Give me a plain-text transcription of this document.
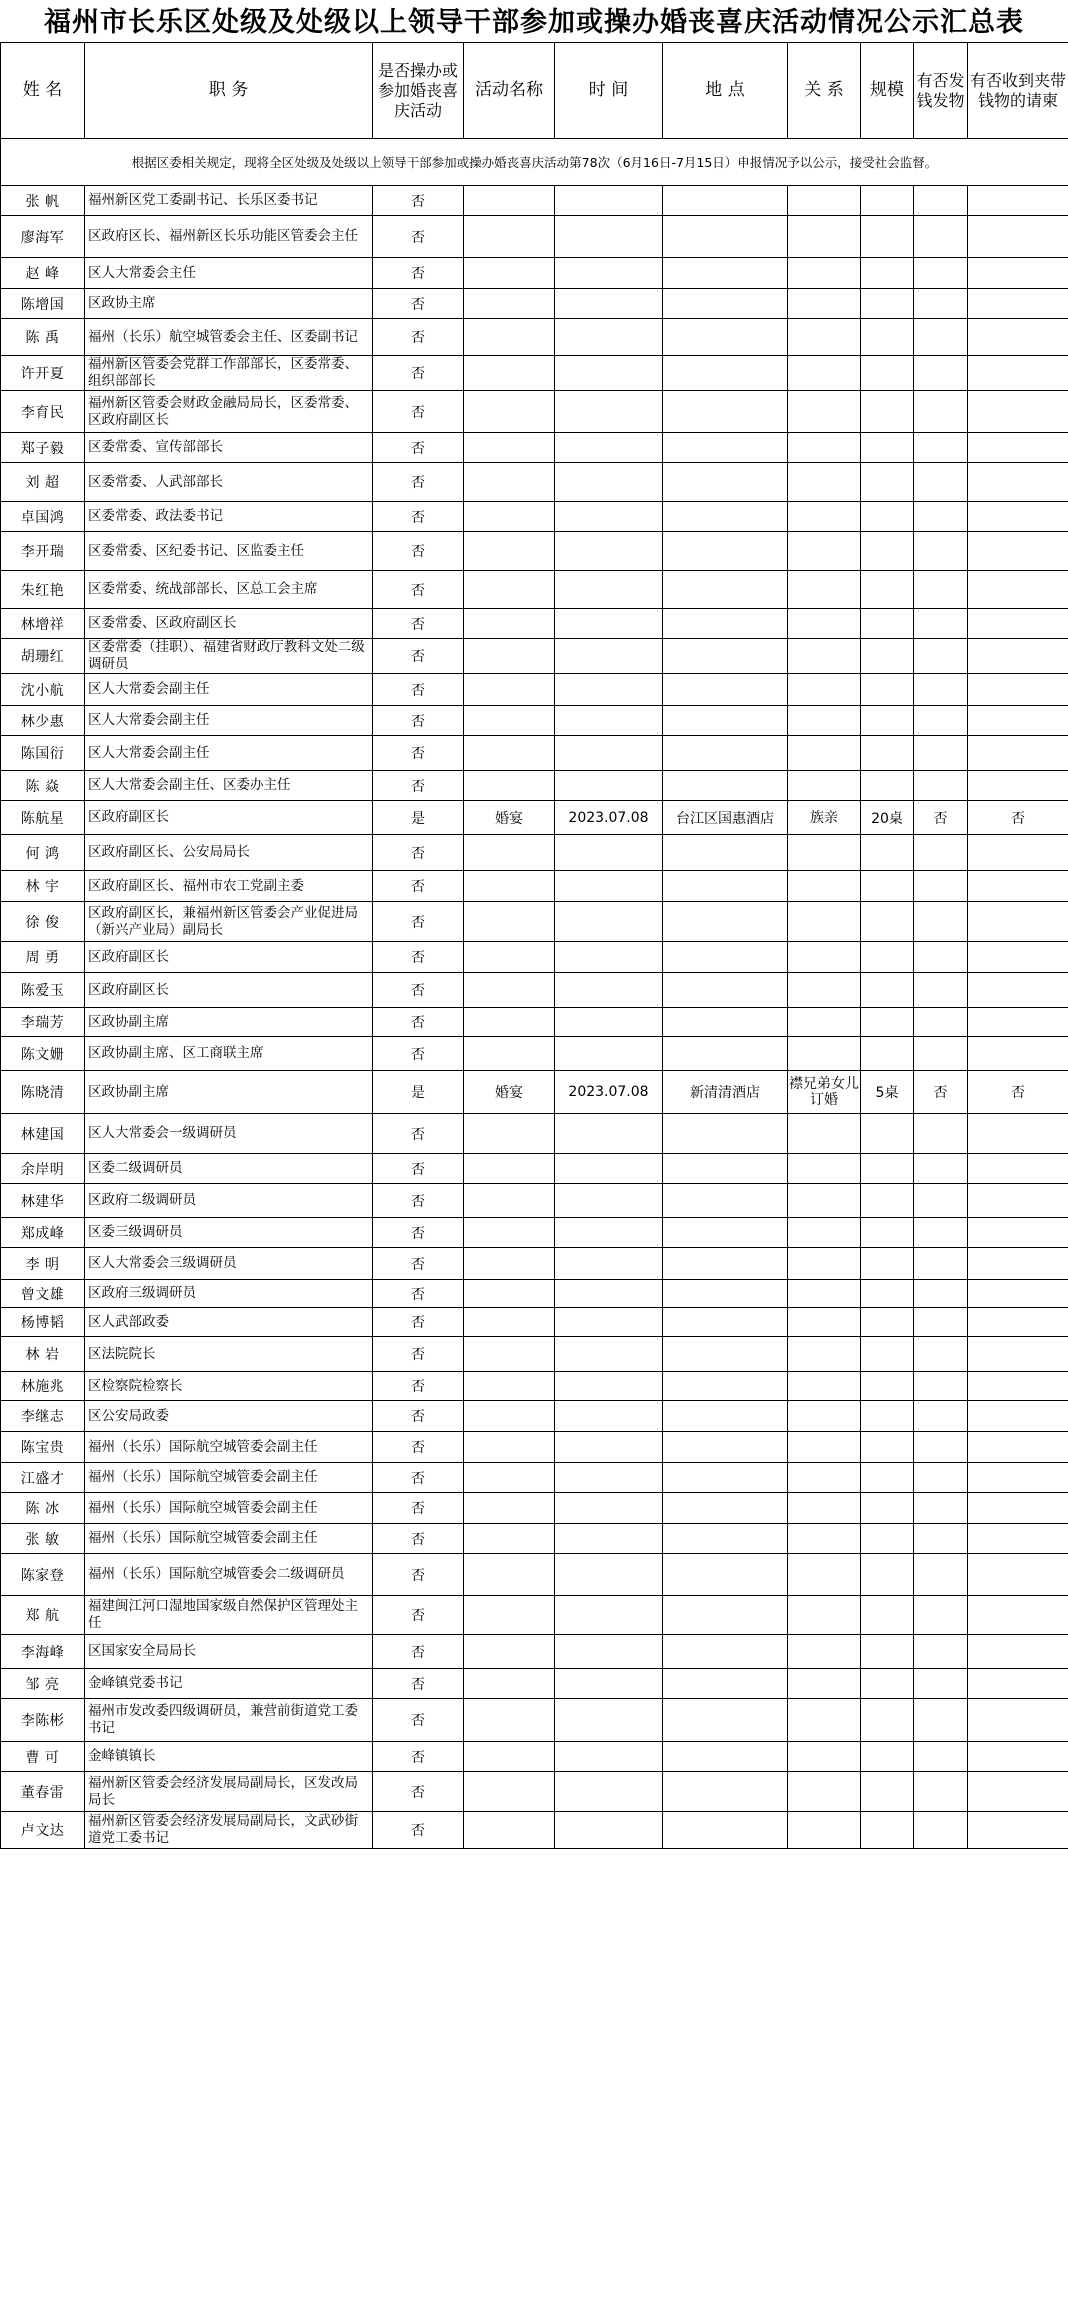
福州市长乐区处级及处级以上领导干部参加或操办婚丧喜庆活动情况公示汇总表
根据区委相关规定，现将全区处级及处级以上领导干部参加或操办婚丧喜庆活动第78次（6月16日-7月15日）申报情况予以公示，接受社会监督。									
姓 名	职 务	是否操办或参加婚丧喜庆活动	活动名称	时 间	地 点	关 系	规模	有否发钱发物	有否收到夹带钱物的请柬
张 帆	福州新区党工委副书记、长乐区委书记	否							
廖海军	区政府区长、福州新区长乐功能区管委会主任	否							
赵 峰	区人大常委会主任	否							
陈增国	区政协主席	否							
陈 禹	福州（长乐）航空城管委会主任、区委副书记	否							
许开夏	福州新区管委会党群工作部部长，区委常委、组织部部长	否							
李育民	福州新区管委会财政金融局局长，区委常委、区政府副区长	否							
郑子毅	区委常委、宣传部部长	否							
刘 超	区委常委、人武部部长	否							
卓国鸿	区委常委、政法委书记	否							
李开瑞	区委常委、区纪委书记、区监委主任	否							
朱红艳	区委常委、统战部部长、区总工会主席	否							
林增祥	区委常委、区政府副区长	否							
胡珊红	区委常委（挂职）、福建省财政厅教科文处二级调研员	否							
沈小航	区人大常委会副主任	否							
林少惠	区人大常委会副主任	否							
陈国衍	区人大常委会副主任	否							
陈 焱	区人大常委会副主任、区委办主任	否							
陈航星	区政府副区长	是	婚宴	2023.07.08	台江区国惠酒店	族亲	20桌	否	否
何 鸿	区政府副区长、公安局局长	否							
林 宇	区政府副区长、福州市农工党副主委	否							
徐 俊	区政府副区长，兼福州新区管委会产业促进局（新兴产业局）副局长	否							
周 勇	区政府副区长	否							
陈爱玉	区政府副区长	否							
李瑞芳	区政协副主席	否							
陈文姗	区政协副主席、区工商联主席	否							
陈晓清	区政协副主席	是	婚宴	2023.07.08	新清清酒店	襟兄弟女儿订婚	5桌	否	否
林建国	区人大常委会一级调研员	否							
余岸明	区委二级调研员	否							
林建华	区政府二级调研员	否							
郑成峰	区委三级调研员	否							
李 明	区人大常委会三级调研员	否							
曾文雄	区政府三级调研员	否							
杨博韬	区人武部政委	否							
林 岩	区法院院长	否							
林施兆	区检察院检察长	否							
李继志	区公安局政委	否							
陈宝贵	福州（长乐）国际航空城管委会副主任	否							
江盛才	福州（长乐）国际航空城管委会副主任	否							
陈 冰	福州（长乐）国际航空城管委会副主任	否							
张 敏	福州（长乐）国际航空城管委会副主任	否							
陈家登	福州（长乐）国际航空城管委会二级调研员	否							
郑 航	福建闽江河口湿地国家级自然保护区管理处主任	否							
李海峰	区国家安全局局长	否							
邹 亮	金峰镇党委书记	否							
李陈彬	福州市发改委四级调研员，兼营前街道党工委书记	否							
曹 可	金峰镇镇长	否							
董春雷	福州新区管委会经济发展局副局长，区发改局局长	否							
卢文达	福州新区管委会经济发展局副局长，文武砂街道党工委书记	否							
